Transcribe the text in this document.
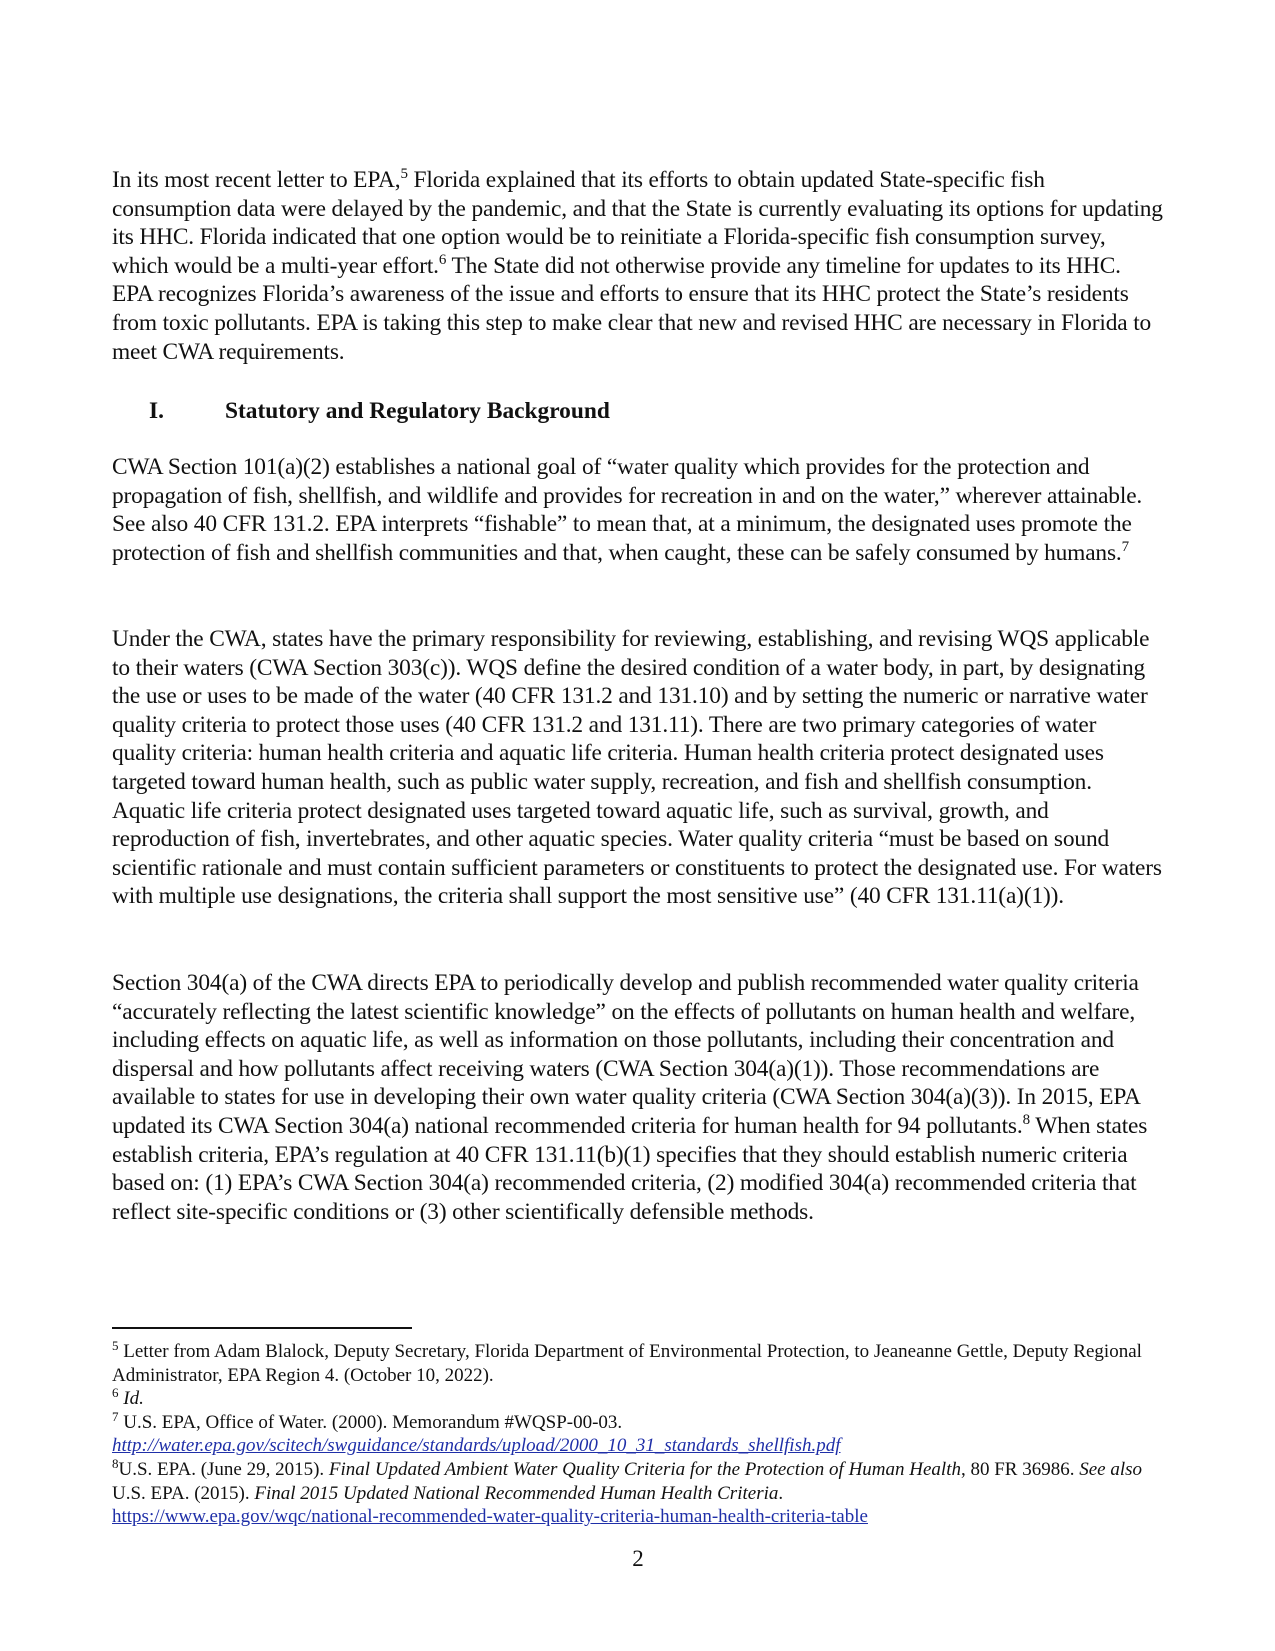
In its most recent letter to EPA,$^5$ Florida explained that its efforts to obtain updated State-specific fish consumption data were delayed by the pandemic, and that the State is currently evaluating its options for updating its HHC. Florida indicated that one option would be to reinitiate a Florida-specific fish consumption survey, which would be a multi-year effort.$^6$ The State did not otherwise provide any timeline for updates to its HHC. EPA recognizes Florida’s awareness of the issue and efforts to ensure that its HHC protect the State’s residents from toxic pollutants. EPA is taking this step to make clear that new and revised HHC are necessary in Florida to meet CWA requirements.

I.	Statutory and Regulatory Background

CWA Section 101(a)(2) establishes a national goal of “water quality which provides for the protection and propagation of fish, shellfish, and wildlife and provides for recreation in and on the water,” wherever attainable. See also 40 CFR 131.2. EPA interprets “fishable” to mean that, at a minimum, the designated uses promote the protection of fish and shellfish communities and that, when caught, these can be safely consumed by humans.$^7$

Under the CWA, states have the primary responsibility for reviewing, establishing, and revising WQS applicable to their waters (CWA Section 303(c)). WQS define the desired condition of a water body, in part, by designating the use or uses to be made of the water (40 CFR 131.2 and 131.10) and by setting the numeric or narrative water quality criteria to protect those uses (40 CFR 131.2 and 131.11). There are two primary categories of water quality criteria: human health criteria and aquatic life criteria. Human health criteria protect designated uses targeted toward human health, such as public water supply, recreation, and fish and shellfish consumption. Aquatic life criteria protect designated uses targeted toward aquatic life, such as survival, growth, and reproduction of fish, invertebrates, and other aquatic species. Water quality criteria “must be based on sound scientific rationale and must contain sufficient parameters or constituents to protect the designated use. For waters with multiple use designations, the criteria shall support the most sensitive use” (40 CFR 131.11(a)(1)).

Section 304(a) of the CWA directs EPA to periodically develop and publish recommended water quality criteria “accurately reflecting the latest scientific knowledge” on the effects of pollutants on human health and welfare, including effects on aquatic life, as well as information on those pollutants, including their concentration and dispersal and how pollutants affect receiving waters (CWA Section 304(a)(1)). Those recommendations are available to states for use in developing their own water quality criteria (CWA Section 304(a)(3)). In 2015, EPA updated its CWA Section 304(a) national recommended criteria for human health for 94 pollutants.$^8$ When states establish criteria, EPA’s regulation at 40 CFR 131.11(b)(1) specifies that they should establish numeric criteria based on: (1) EPA’s CWA Section 304(a) recommended criteria, (2) modified 304(a) recommended criteria that reflect site-specific conditions or (3) other scientifically defensible methods.

$^5$ Letter from Adam Blalock, Deputy Secretary, Florida Department of Environmental Protection, to Jeaneanne Gettle, Deputy Regional Administrator, EPA Region 4. (October 10, 2022).

$^6$ Id.

$^7$ U.S. EPA, Office of Water. (2000). Memorandum #WQSP-00-03. http://water.epa.gov/scitech/swguidance/standards/upload/2000_10_31_standards_shellfish.pdf

$^8$U.S. EPA. (June 29, 2015). Final Updated Ambient Water Quality Criteria for the Protection of Human Health, 80 FR 36986. See also U.S. EPA. (2015). Final 2015 Updated National Recommended Human Health Criteria.
https://www.epa.gov/wqc/national-recommended-water-quality-criteria-human-health-criteria-table

2
